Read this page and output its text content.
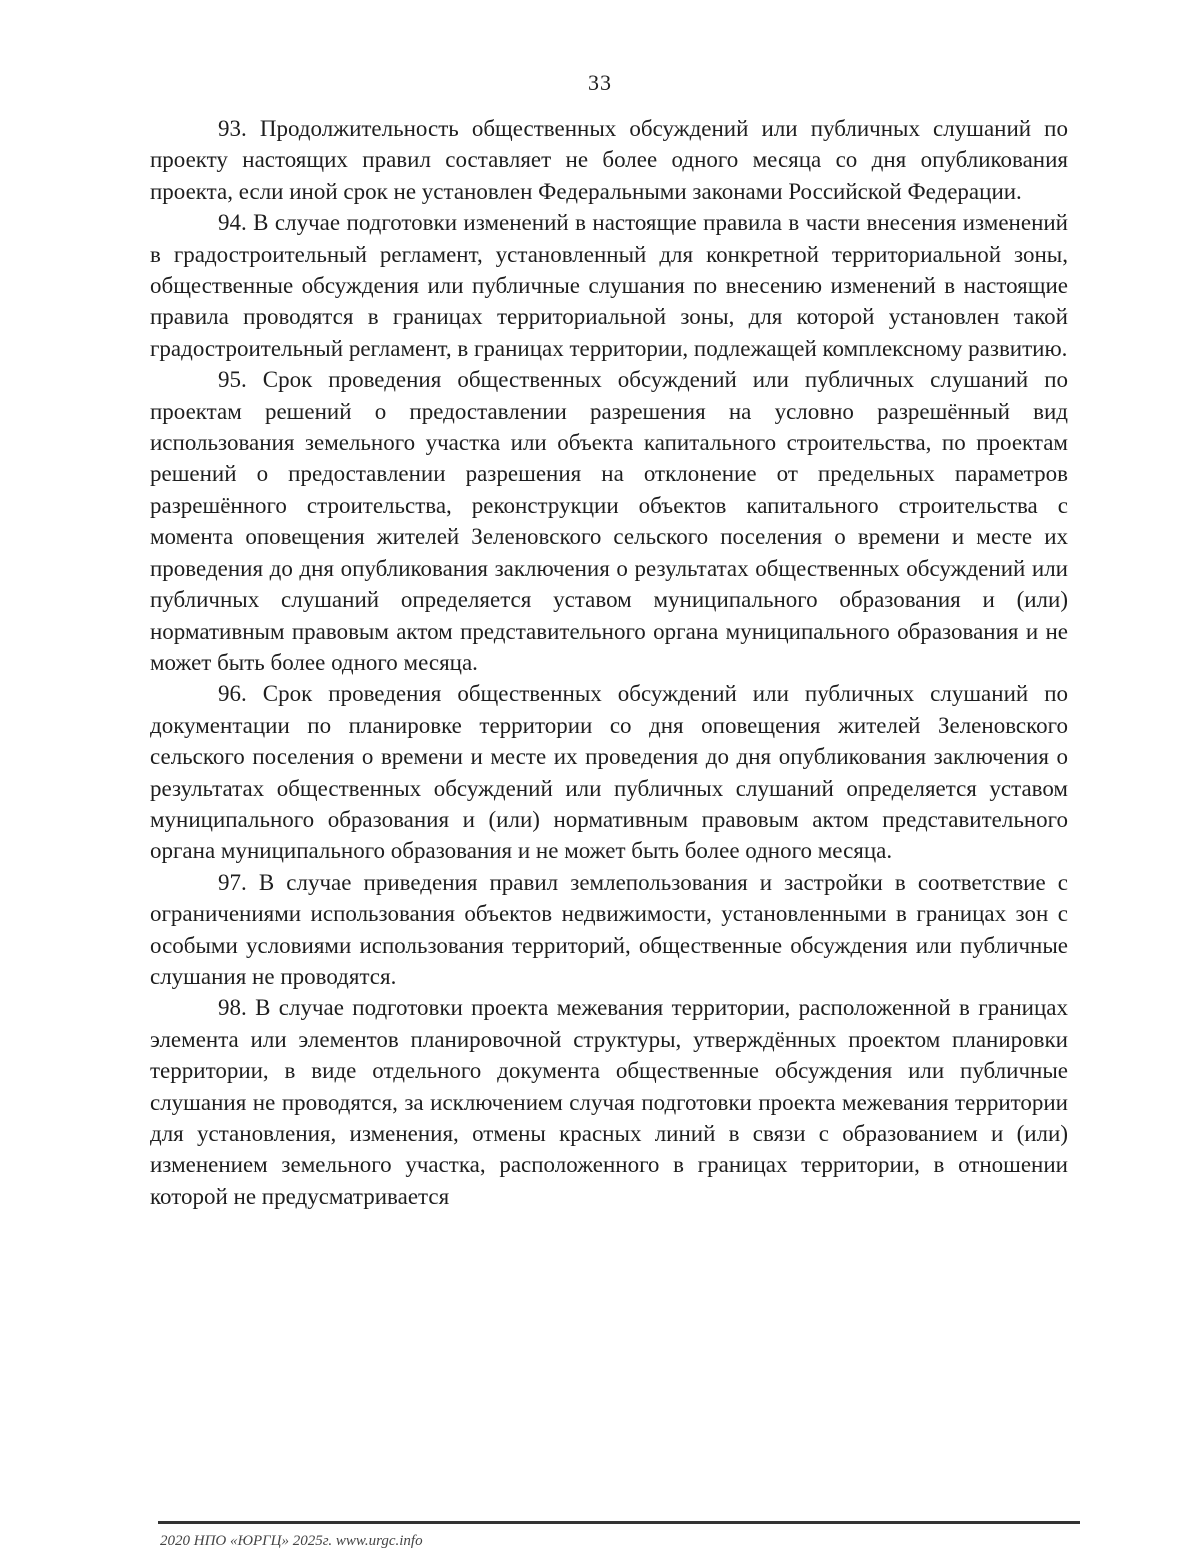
33

93. Продолжительность общественных обсуждений или публичных слушаний по проекту настоящих правил составляет не более одного месяца со дня опубликования проекта, если иной срок не установлен Федеральными законами Российской Федерации.

94. В случае подготовки изменений в настоящие правила в части внесения изменений в градостроительный регламент, установленный для конкретной территориальной зоны, общественные обсуждения или публичные слушания по внесению изменений в настоящие правила проводятся в границах территориальной зоны, для которой установлен такой градостроительный регламент, в границах территории, подлежащей комплексному развитию.

95. Срок проведения общественных обсуждений или публичных слушаний по проектам решений о предоставлении разрешения на условно разрешённый вид использования земельного участка или объекта капитального строительства, по проектам решений о предоставлении разрешения на отклонение от предельных параметров разрешённого строительства, реконструкции объектов капитального строительства с момента оповещения жителей Зеленовского сельского поселения о времени и месте их проведения до дня опубликования заключения о результатах общественных обсуждений или публичных слушаний определяется уставом муниципального образования и (или) нормативным правовым актом представительного органа муниципального образования и не может быть более одного месяца.

96. Срок проведения общественных обсуждений или публичных слушаний по документации по планировке территории со дня оповещения жителей Зеленовского сельского поселения о времени и месте их проведения до дня опубликования заключения о результатах общественных обсуждений или публичных слушаний определяется уставом муниципального образования и (или) нормативным правовым актом представительного органа муниципального образования и не может быть более одного месяца.

97. В случае приведения правил землепользования и застройки в соответствие с ограничениями использования объектов недвижимости, установленными в границах зон с особыми условиями использования территорий, общественные обсуждения или публичные слушания не проводятся.

98. В случае подготовки проекта межевания территории, расположенной в границах элемента или элементов планировочной структуры, утверждённых проектом планировки территории, в виде отдельного документа общественные обсуждения или публичные слушания не проводятся, за исключением случая подготовки проекта межевания территории для установления, изменения, отмены красных линий в связи с образованием и (или) изменением земельного участка, расположенного в границах территории, в отношении которой не предусматривается

2020 НПО «ЮРГЦ» 2025г. www.urgc.info
